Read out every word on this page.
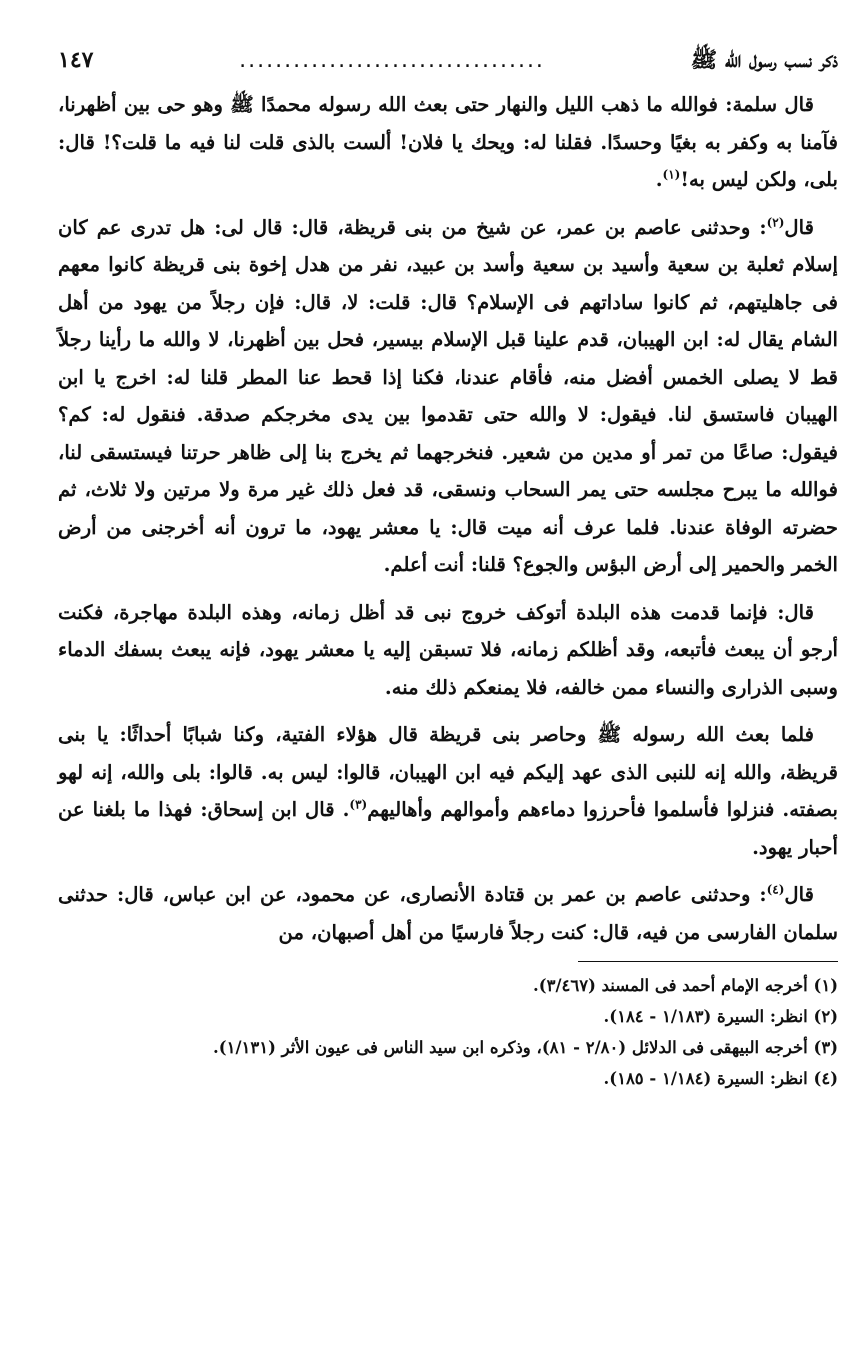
ذكر نسب رسول الله ﷺ
..................................
١٤٧

قال سلمة: فوالله ما ذهب الليل والنهار حتى بعث الله رسوله محمدًا ﷺ وهو حى بين أظهرنا، فآمنا به وكفر به بغيًا وحسدًا. فقلنا له: ويحك يا فلان! ألست بالذى قلت لنا فيه ما قلت؟! قال: بلى، ولكن ليس به!$^{(١)}$.

قال$^{(٢)}$: وحدثنى عاصم بن عمر، عن شيخ من بنى قريظة، قال: قال لى: هل تدرى عم كان إسلام ثعلبة بن سعية وأسيد بن سعية وأسد بن عبيد، نفر من هدل إخوة بنى قريظة كانوا معهم فى جاهليتهم، ثم كانوا ساداتهم فى الإسلام؟ قال: قلت: لا، قال: فإن رجلاً من يهود من أهل الشام يقال له: ابن الهيبان، قدم علينا قبل الإسلام بيسير، فحل بين أظهرنا، لا والله ما رأينا رجلاً قط لا يصلى الخمس أفضل منه، فأقام عندنا، فكنا إذا قحط عنا المطر قلنا له: اخرج يا ابن الهيبان فاستسق لنا. فيقول: لا والله حتى تقدموا بين يدى مخرجكم صدقة. فنقول له: كم؟ فيقول: صاعًا من تمر أو مدين من شعير. فنخرجهما ثم يخرج بنا إلى ظاهر حرتنا فيستسقى لنا، فوالله ما يبرح مجلسه حتى يمر السحاب ونسقى، قد فعل ذلك غير مرة ولا مرتين ولا ثلاث، ثم حضرته الوفاة عندنا. فلما عرف أنه ميت قال: يا معشر يهود، ما ترون أنه أخرجنى من أرض الخمر والحمير إلى أرض البؤس والجوع؟ قلنا: أنت أعلم.

قال: فإنما قدمت هذه البلدة أتوكف خروج نبى قد أظل زمانه، وهذه البلدة مهاجرة، فكنت أرجو أن يبعث فأتبعه، وقد أظلكم زمانه، فلا تسبقن إليه يا معشر يهود، فإنه يبعث بسفك الدماء وسبى الذرارى والنساء ممن خالفه، فلا يمنعكم ذلك منه.

فلما بعث الله رسوله ﷺ وحاصر بنى قريظة قال هؤلاء الفتية، وكنا شبابًا أحداثًا: يا بنى قريظة، والله إنه للنبى الذى عهد إليكم فيه ابن الهيبان، قالوا: ليس به. قالوا: بلى والله، إنه لهو بصفته. فنزلوا فأسلموا فأحرزوا دماءهم وأموالهم وأهاليهم$^{(٣)}$. قال ابن إسحاق: فهذا ما بلغنا عن أحبار يهود.

قال$^{(٤)}$: وحدثنى عاصم بن عمر بن قتادة الأنصارى، عن محمود، عن ابن عباس، قال: حدثنى سلمان الفارسى من فيه، قال: كنت رجلاً فارسيًا من أهل أصبهان، من

(١) أخرجه الإمام أحمد فى المسند (٣/٤٦٧).

(٢) انظر: السيرة (١/١٨٣ - ١٨٤).

(٣) أخرجه البيهقى فى الدلائل (٢/٨٠ - ٨١)، وذكره ابن سيد الناس فى عيون الأثر (١/١٣١).

(٤) انظر: السيرة (١/١٨٤ - ١٨٥).
